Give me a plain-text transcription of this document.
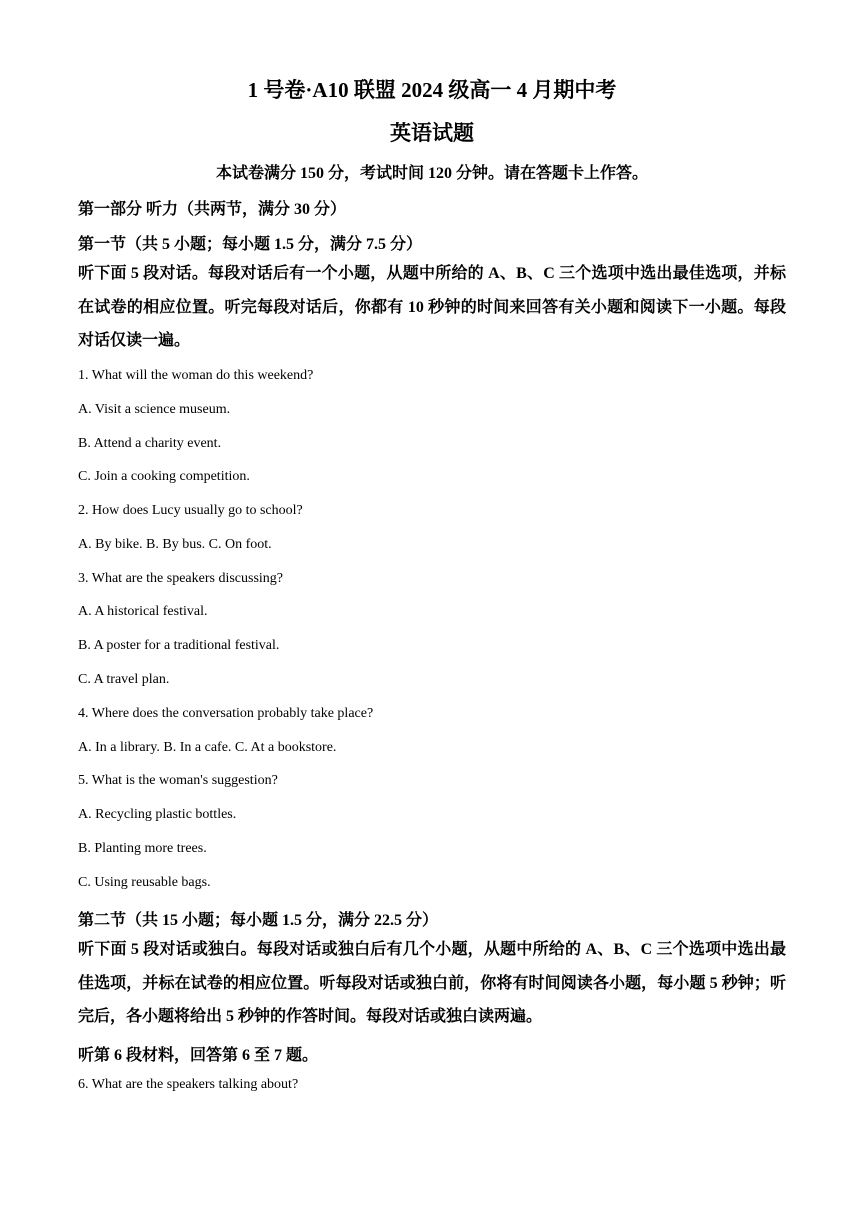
1 号卷·A10 联盟 2024 级高一 4 月期中考
英语试题

本试卷满分 150 分，考试时间 120 分钟。请在答题卡上作答。

第一部分 听力（共两节，满分 30 分）

第一节（共 5 小题；每小题 1.5 分，满分 7.5 分）

听下面 5 段对话。每段对话后有一个小题，从题中所给的 A、B、C 三个选项中选出最佳选项，并标在试卷的相应位置。听完每段对话后，你都有 10 秒钟的时间来回答有关小题和阅读下一小题。每段对话仅读一遍。

1. What will the woman do this weekend?

A. Visit a science museum.

B. Attend a charity event.

C. Join a cooking competition.

2. How does Lucy usually go to school?

A. By bike. B. By bus. C. On foot.

3. What are the speakers discussing?

A. A historical festival.

B. A poster for a traditional festival.

C. A travel plan.

4. Where does the conversation probably take place?

A. In a library. B. In a cafe. C. At a bookstore.

5. What is the woman's suggestion?

A. Recycling plastic bottles.

B. Planting more trees.

C. Using reusable bags.

第二节（共 15 小题；每小题 1.5 分，满分 22.5 分）

听下面 5 段对话或独白。每段对话或独白后有几个小题，从题中所给的 A、B、C 三个选项中选出最佳选项，并标在试卷的相应位置。听每段对话或独白前，你将有时间阅读各小题，每小题 5 秒钟；听完后，各小题将给出 5 秒钟的作答时间。每段对话或独白读两遍。

听第 6 段材料，回答第 6 至 7 题。

6. What are the speakers talking about?
